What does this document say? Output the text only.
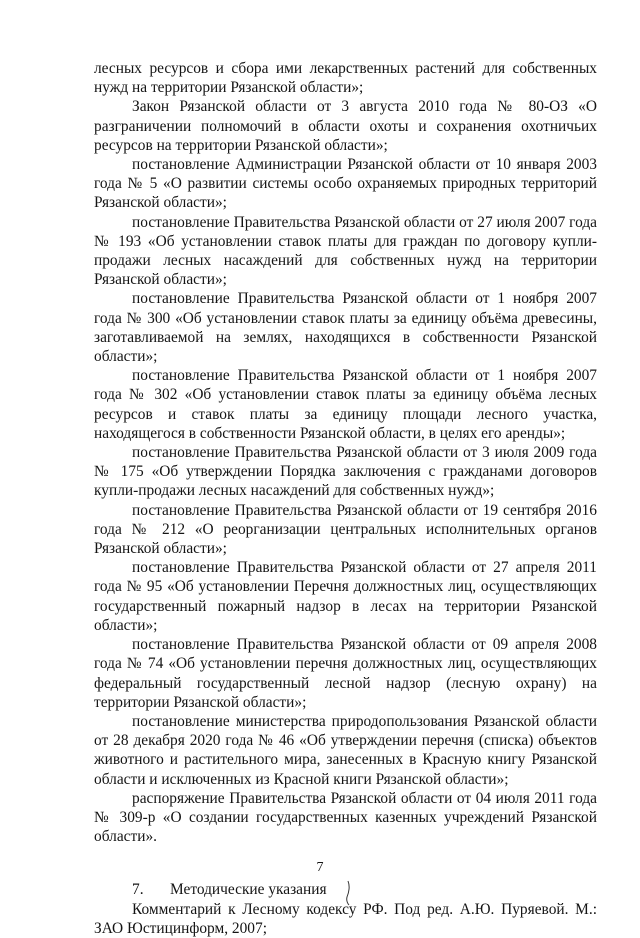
лесных ресурсов и сбора ими лекарственных растений для собственных нужд на территории Рязанской области»;

Закон Рязанской области от 3 августа 2010 года № 80-ОЗ «О разграничении полномочий в области охоты и сохранения охотничьих ресурсов на территории Рязанской области»;

постановление Администрации Рязанской области от 10 января 2003 года № 5 «О развитии системы особо охраняемых природных территорий Рязанской области»;

постановление Правительства Рязанской области от 27 июля 2007 года № 193 «Об установлении ставок платы для граждан по договору купли-продажи лесных насаждений для собственных нужд на территории Рязанской области»;

постановление Правительства Рязанской области от 1 ноября 2007 года № 300 «Об установлении ставок платы за единицу объёма древесины, заготавливаемой на землях, находящихся в собственности Рязанской области»;

постановление Правительства Рязанской области от 1 ноября 2007 года № 302 «Об установлении ставок платы за единицу объёма лесных ресурсов и ставок платы за единицу площади лесного участка, находящегося в собственности Рязанской области, в целях его аренды»;

постановление Правительства Рязанской области от 3 июля 2009 года № 175 «Об утверждении Порядка заключения с гражданами договоров купли-продажи лесных насаждений для собственных нужд»;

постановление Правительства Рязанской области от 19 сентября 2016 года № 212 «О реорганизации центральных исполнительных органов Рязанской области»;

постановление Правительства Рязанской области от 27 апреля 2011 года № 95 «Об установлении Перечня должностных лиц, осуществляющих государственный пожарный надзор в лесах на территории Рязанской области»;

постановление Правительства Рязанской области от 09 апреля 2008 года № 74 «Об установлении перечня должностных лиц, осуществляющих федеральный государственный лесной надзор (лесную охрану) на территории Рязанской области»;

постановление министерства природопользования Рязанской области от 28 декабря 2020 года № 46 «Об утверждении перечня (списка) объектов животного и растительного мира, занесенных в Красную книгу Рязанской области и исключенных из Красной книги Рязанской области»;

распоряжение Правительства Рязанской области от 04 июля 2011 года № 309-р «О создании государственных казенных учреждений Рязанской области».

7. Методические указания

Комментарий к Лесному кодексу РФ. Под ред. А.Ю. Пуряевой. М.: ЗАО Юстицинформ, 2007;

7
